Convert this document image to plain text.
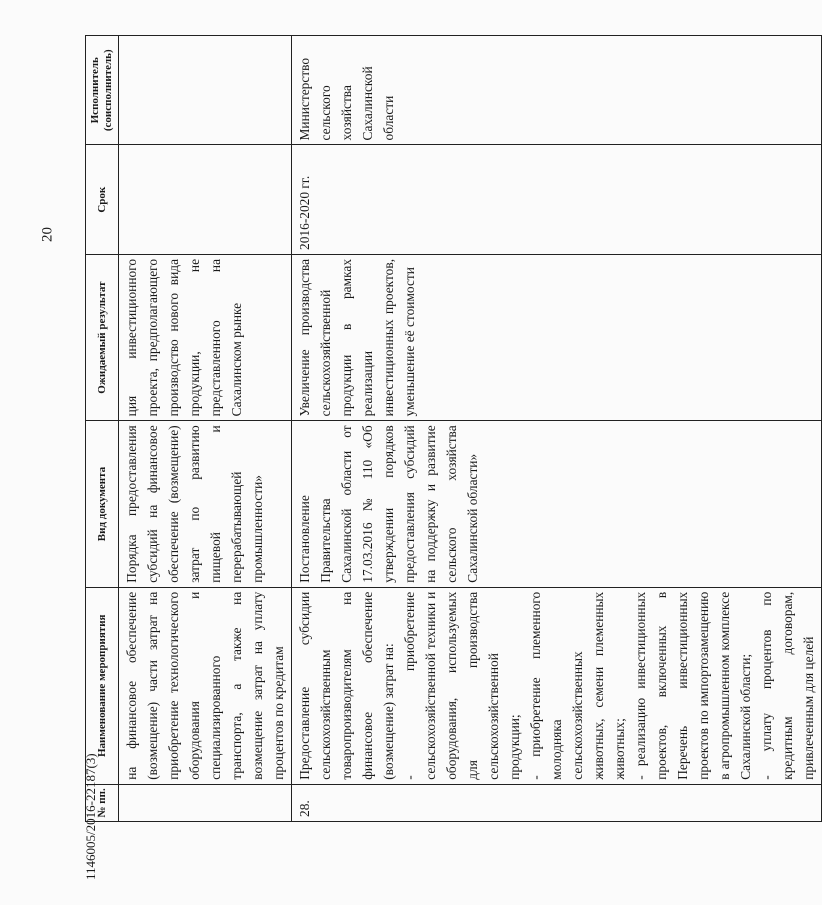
20
№ пп.	Наименование мероприятия	Вид документа	Ожидаемый результат	Срок	Исполнитель (соисполнитель)
	на финансовое обеспечение (возмещение) части затрат на приобретение технологического оборудования и специализированного транспорта, а также на возмещение затрат на уплату процентов по кредитам	Порядка предоставления субсидий на финансовое обеспечение (возмещение) затрат по развитию пищевой и перерабатывающей промышленности»	ция инвестиционного проекта, предполагающего производство нового вида продукции, не представленного на Сахалинском рынке		
28.	Предоставление субсидии сельскохозяйственным товаропроизводителям на финансовое обеспечение (возмещение) затрат на: - приобретение сельскохозяйственной техники и оборудования, используемых для производства сельскохозяйственной продукции; - приобретение племенного молодняка сельскохозяйственных животных, семени племенных животных; - реализацию инвестиционных проектов, включенных в Перечень инвестиционных проектов по импортозамещению в агропромышленном комплексе Сахалинской области; - уплату процентов по кредитным договорам, привлеченным для целей	Постановление Правительства Сахалинской области от 17.03.2016 № 110 «Об утверждении порядков предоставления субсидий на поддержку и развитие сельского хозяйства Сахалинской области»	Увеличение производства сельскохозяйственной продукции в рамках реализации инвестиционных проектов, уменьшение её стоимости	2016-2020 гг.	Министерство сельского хозяйства Сахалинской области
1146005/2016-22187(3)
